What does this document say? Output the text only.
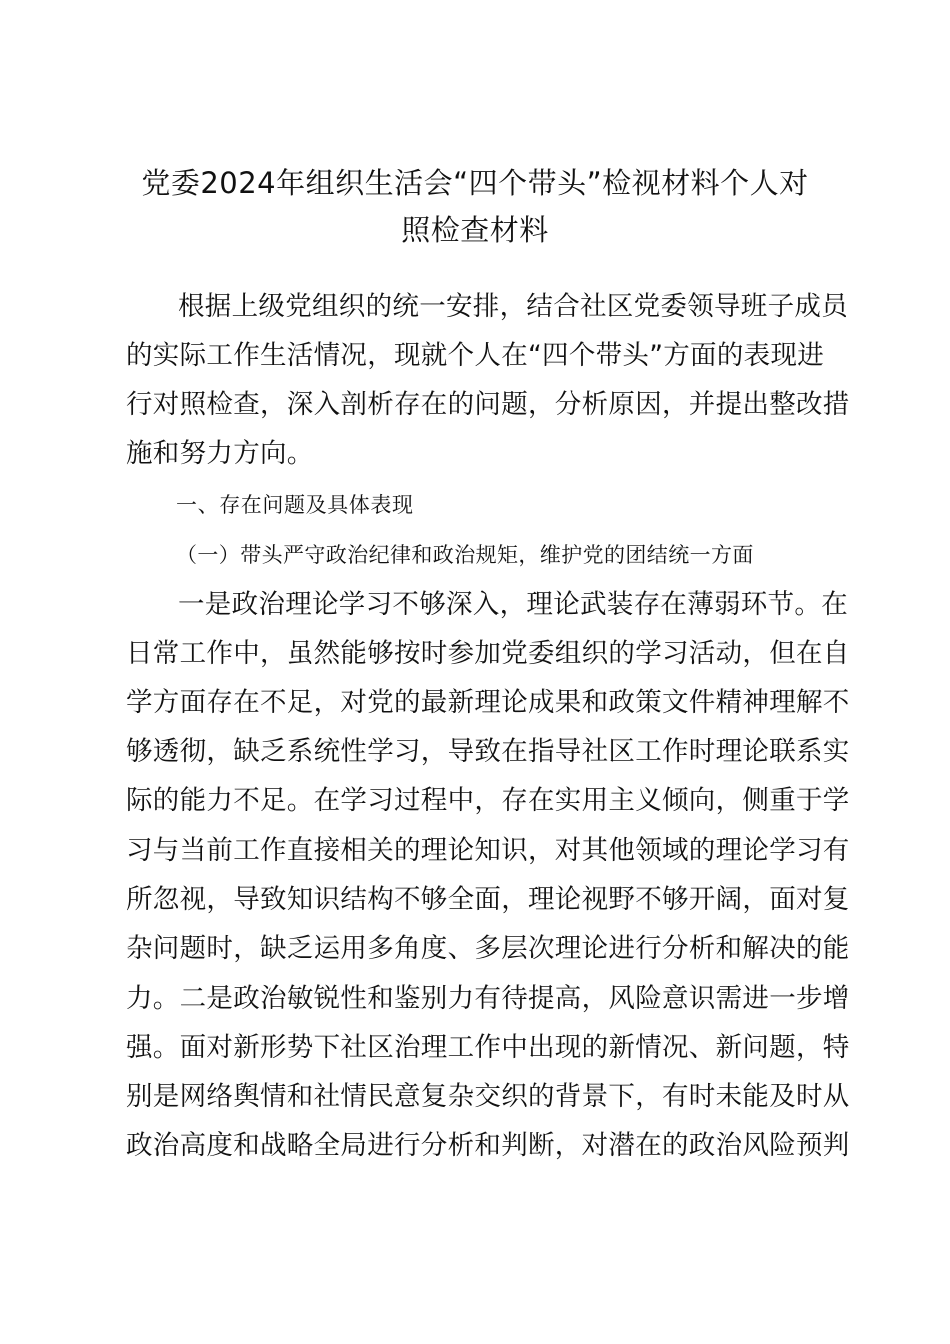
党委2024年组织生活会“四个带头”检视材料个人对
照检查材料
根据上级党组织的统一安排，结合社区党委领导班子成员
的实际工作生活情况，现就个人在“四个带头”方面的表现进
行对照检查，深入剖析存在的问题，分析原因，并提出整改措
施和努力方向。
一、存在问题及具体表现
（一）带头严守政治纪律和政治规矩，维护党的团结统一方面
一是政治理论学习不够深入，理论武装存在薄弱环节。在
日常工作中，虽然能够按时参加党委组织的学习活动，但在自
学方面存在不足，对党的最新理论成果和政策文件精神理解不
够透彻，缺乏系统性学习，导致在指导社区工作时理论联系实
际的能力不足。在学习过程中，存在实用主义倾向，侧重于学
习与当前工作直接相关的理论知识，对其他领域的理论学习有
所忽视，导致知识结构不够全面，理论视野不够开阔，面对复
杂问题时，缺乏运用多角度、多层次理论进行分析和解决的能
力。二是政治敏锐性和鉴别力有待提高，风险意识需进一步增
强。面对新形势下社区治理工作中出现的新情况、新问题，特
别是网络舆情和社情民意复杂交织的背景下，有时未能及时从
政治高度和战略全局进行分析和判断，对潜在的政治风险预判
